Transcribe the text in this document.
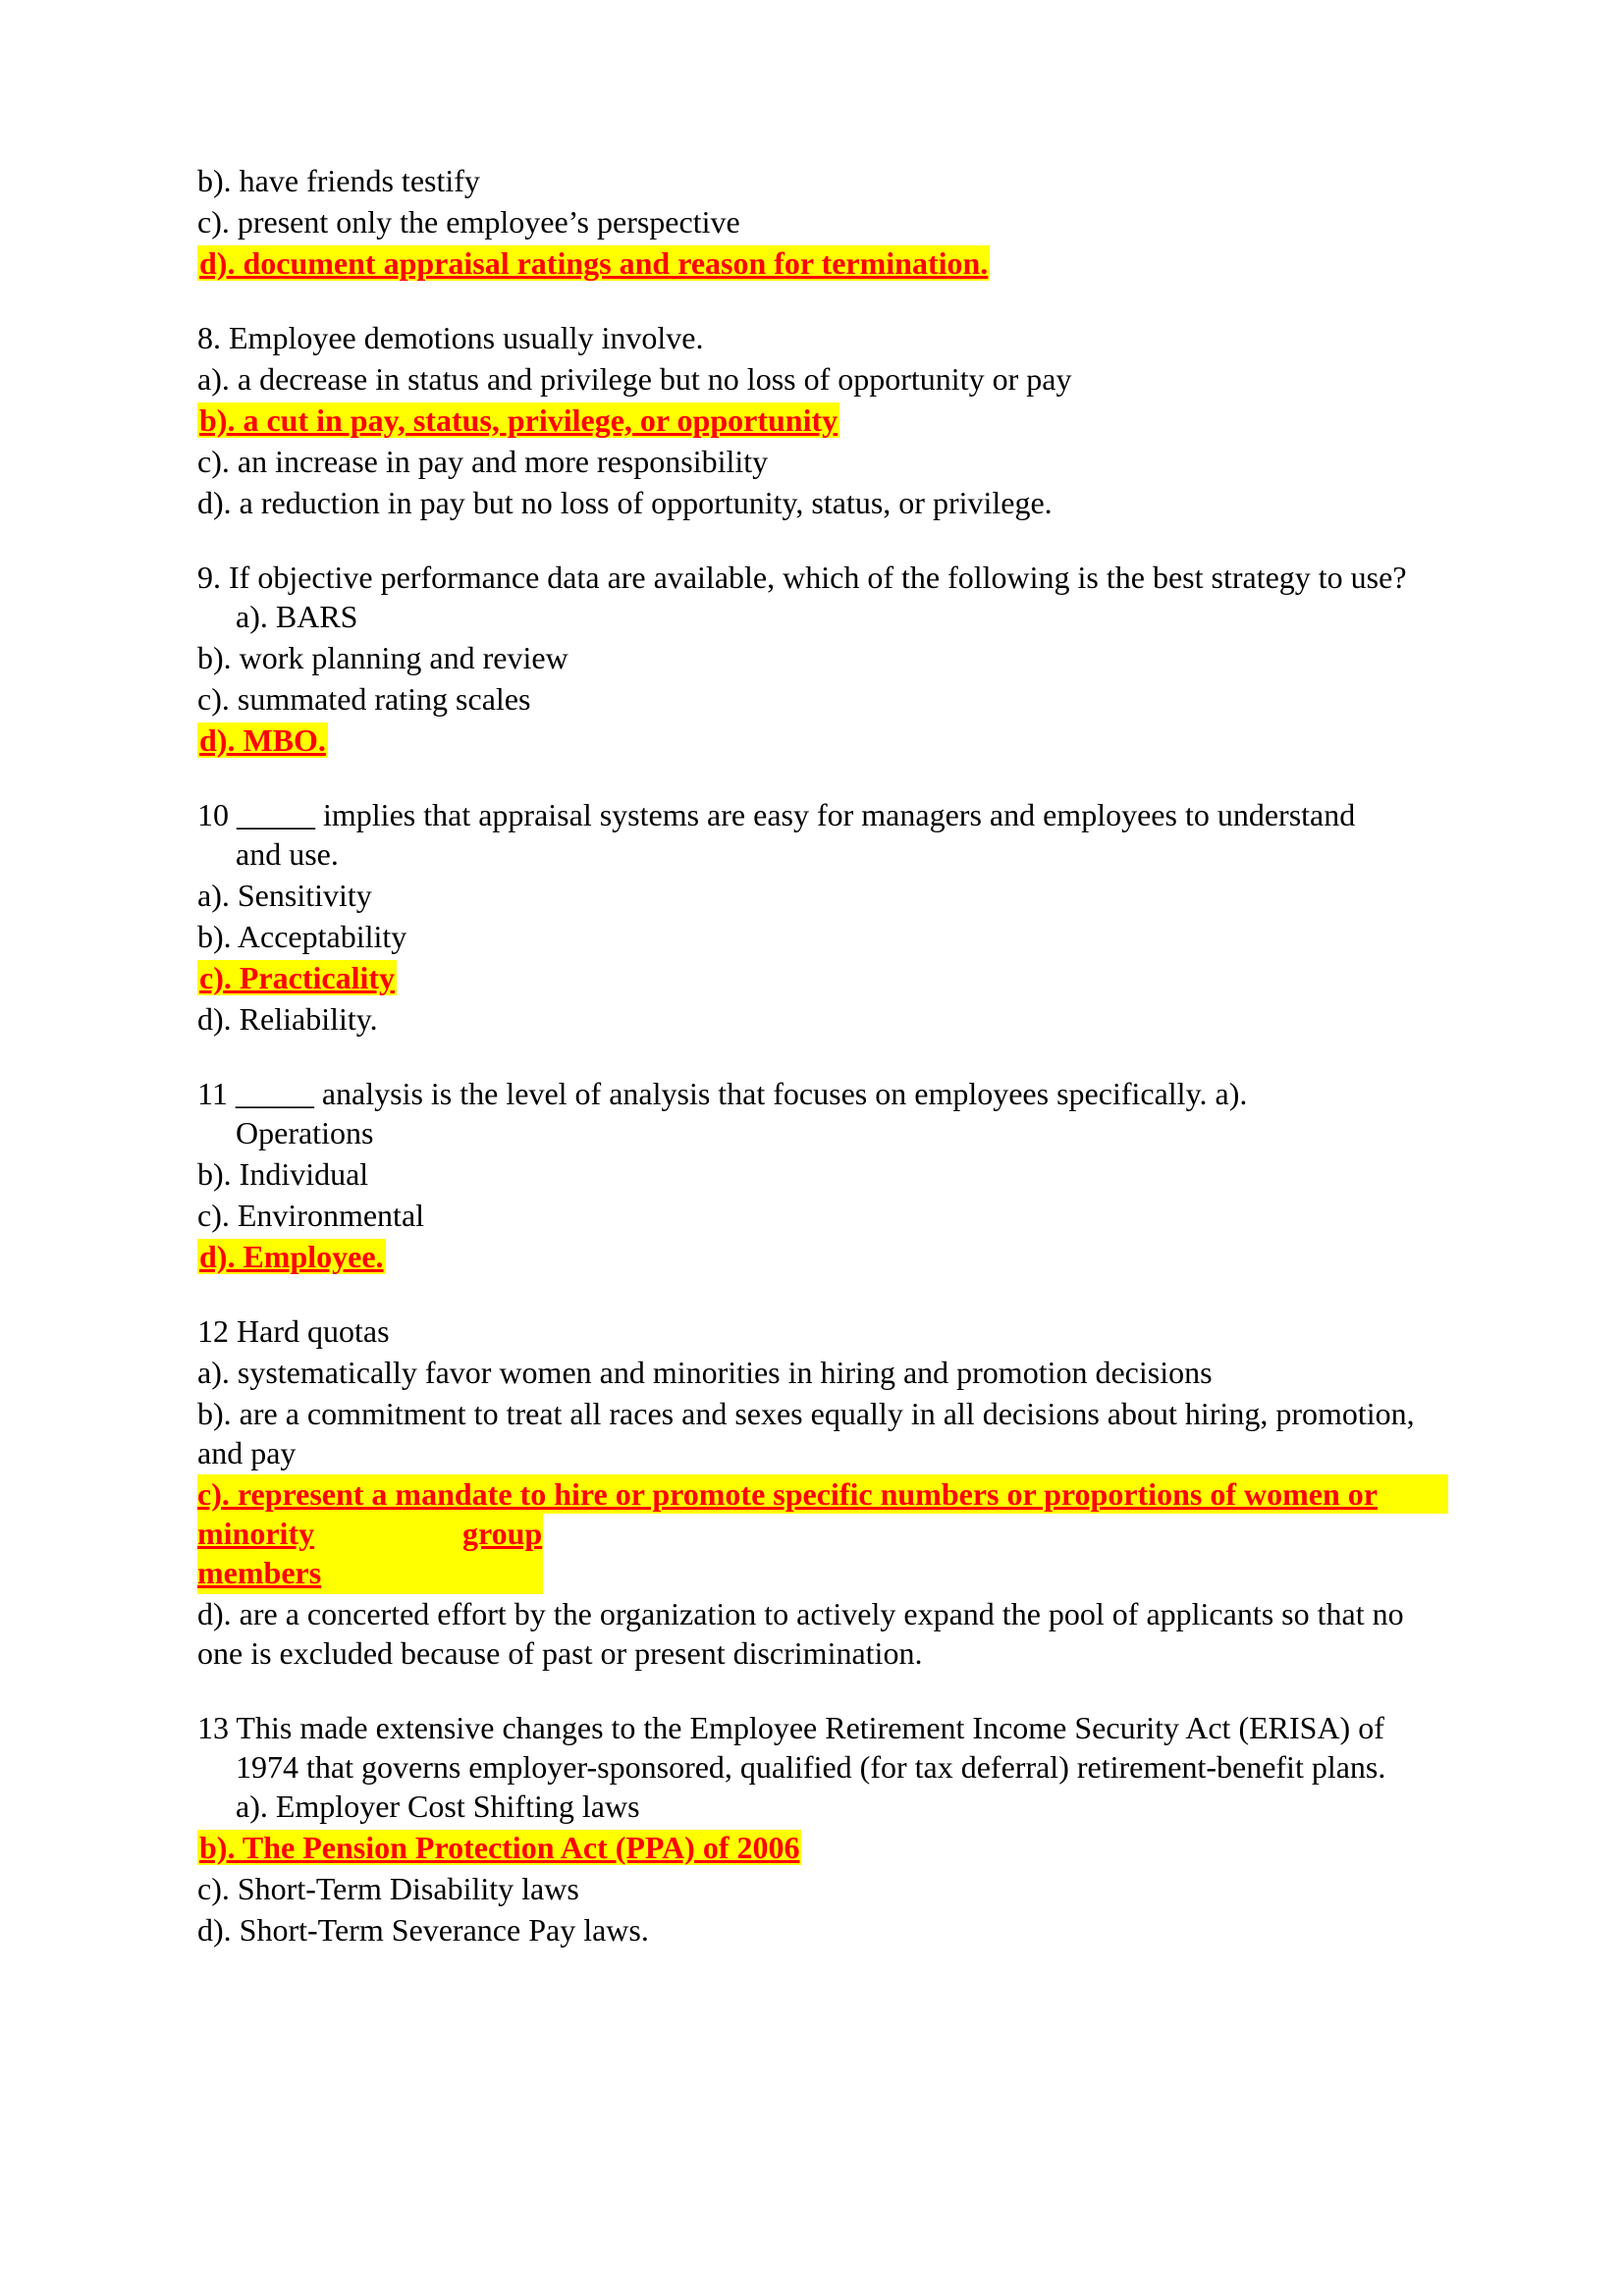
b). have friends testify

c). present only the employee’s perspective

d). document appraisal ratings and reason for termination.

8. Employee demotions usually involve.

a). a decrease in status and privilege but no loss of opportunity or pay

b). a cut in pay, status, privilege, or opportunity

c). an increase in pay and more responsibility

d). a reduction in pay but no loss of opportunity, status, or privilege.

9. If objective performance data are available, which of the following is the best strategy to use?

a). BARS

b). work planning and review

c). summated rating scales

d). MBO.

10 _____ implies that appraisal systems are easy for managers and employees to understand

and use.

a). Sensitivity

b). Acceptability

c). Practicality

d). Reliability.

11 _____ analysis is the level of analysis that focuses on employees specifically. a).

Operations

b). Individual

c). Environmental

d). Employee.

12 Hard quotas

a). systematically favor women and minorities in hiring and promotion decisions

b). are a commitment to treat all races and sexes equally in all decisions about hiring, promotion,

and pay

c). represent a mandate to hire or promote specific numbers or proportions of women or
minority	group
members

d). are a concerted effort by the organization to actively expand the pool of applicants so that no

one is excluded because of past or present discrimination.

13 This made extensive changes to the Employee Retirement Income Security Act (ERISA) of

1974 that governs employer-sponsored, qualified (for tax deferral) retirement-benefit plans.

a). Employer Cost Shifting laws

b). The Pension Protection Act (PPA) of 2006

c). Short-Term Disability laws

d). Short-Term Severance Pay laws.
